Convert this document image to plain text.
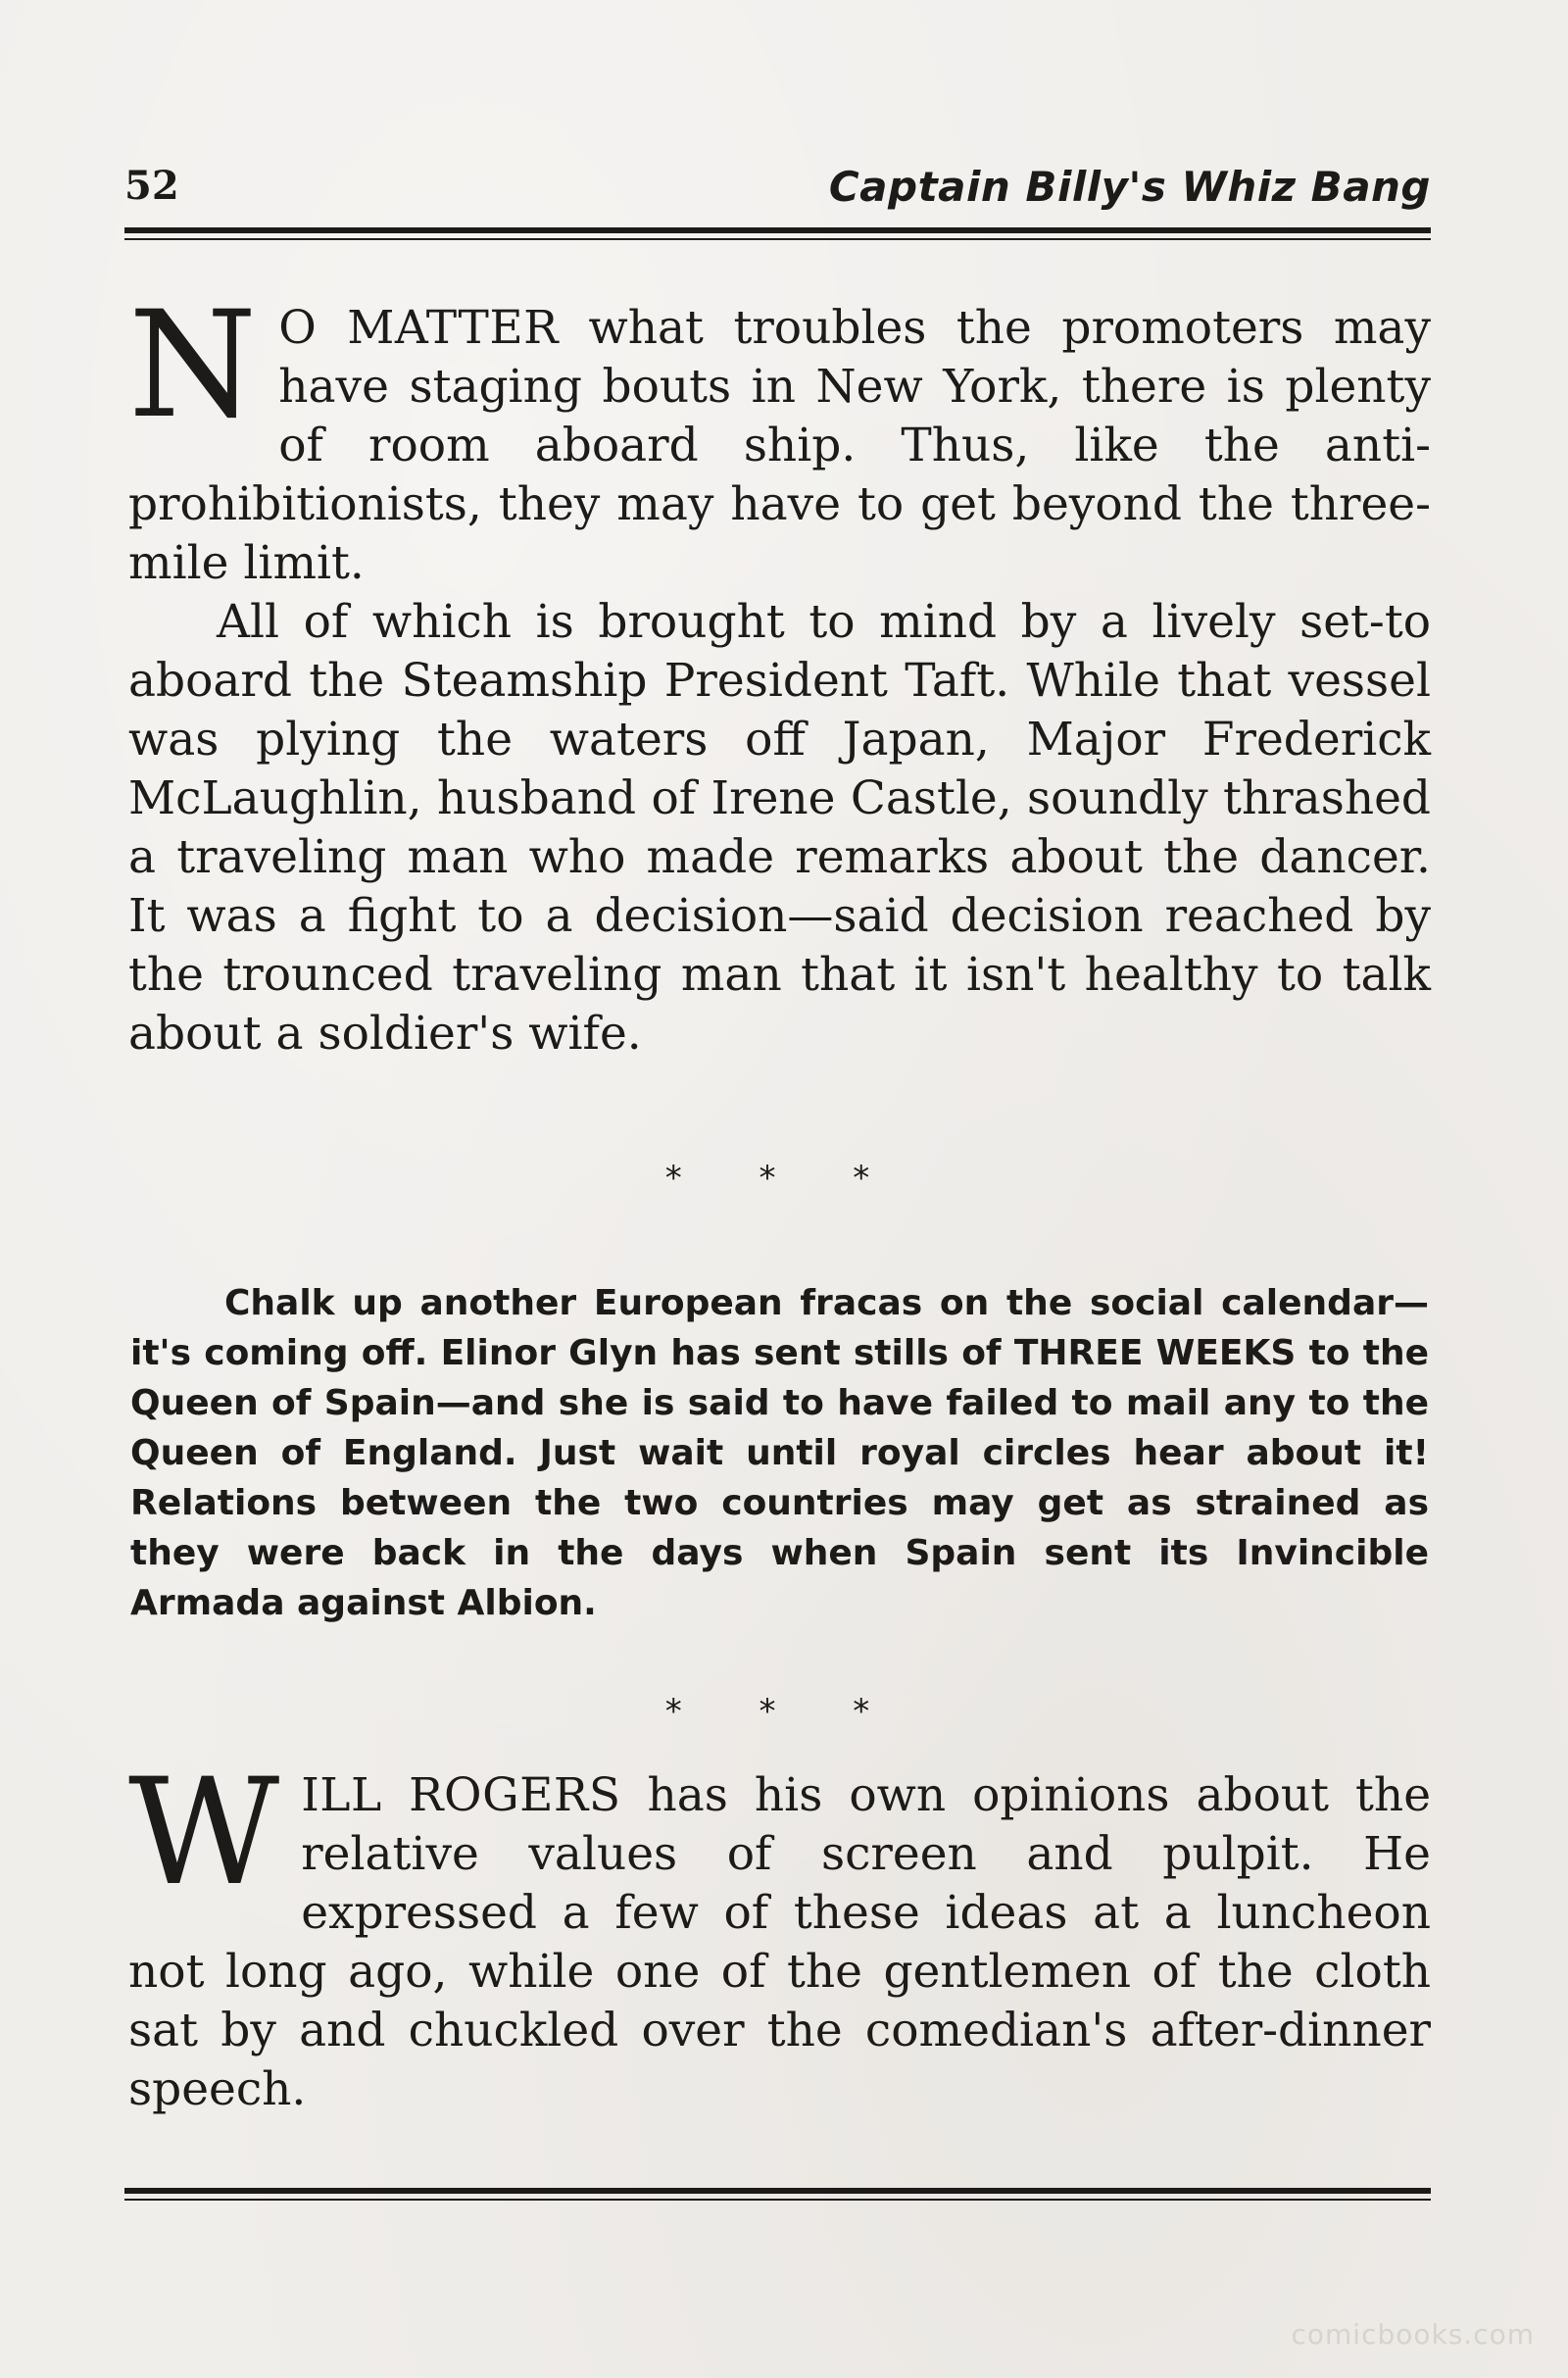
52	Captain Billy's Whiz Bang

N O MATTER what troubles the promoters may have staging bouts in New York, there is plenty of room aboard ship. Thus, like the anti-prohibitionists, they may have to get beyond the three-mile limit.

All of which is brought to mind by a lively set-to aboard the Steamship President Taft. While that vessel was plying the waters off Japan, Major Frederick McLaughlin, husband of Irene Castle, soundly thrashed a traveling man who made remarks about the dancer. It was a fight to a decision—said decision reached by the trounced traveling man that it isn't healthy to talk about a soldier's wife.

* * *

Chalk up another European fracas on the social calendar—it's coming off. Elinor Glyn has sent stills of THREE WEEKS to the Queen of Spain—and she is said to have failed to mail any to the Queen of England. Just wait until royal circles hear about it! Relations between the two countries may get as strained as they were back in the days when Spain sent its Invincible Armada against Albion.

* * *

WILL ROGERS has his own opinions about the relative values of screen and pulpit. He expressed a few of these ideas at a luncheon not long ago, while one of the gentlemen of the cloth sat by and chuckled over the comedian's after-dinner speech.

comicbooks.com
